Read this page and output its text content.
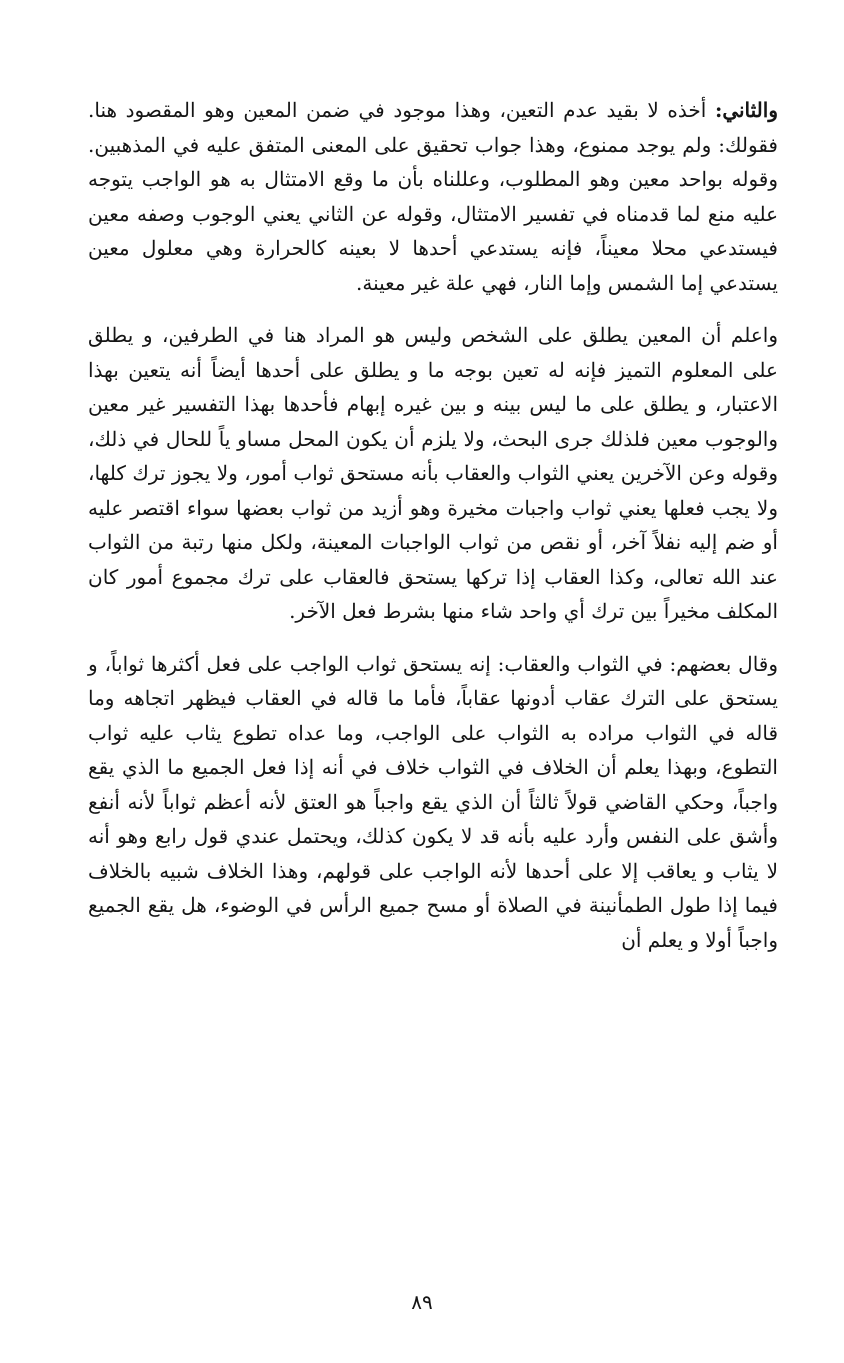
والثاني: أخذه لا بقيد عدم التعين، وهذا موجود في ضمن المعين وهو المقصود هنا. فقولك: ولم يوجد ممنوع، وهذا جواب تحقيق على المعنى المتفق عليه في المذهبين. وقوله بواحد معين وهو المطلوب، وعللناه بأن ما وقع الامتثال به هو الواجب يتوجه عليه منع لما قدمناه في تفسير الامتثال، وقوله عن الثاني يعني الوجوب وصفه معين فيستدعي محلا معيناً، فإنه يستدعي أحدها لا بعينه كالحرارة وهي معلول معين يستدعي إما الشمس وإما النار، فهي علة غير معينة.

واعلم أن المعين يطلق على الشخص وليس هو المراد هنا في الطرفين، و يطلق على المعلوم التميز فإنه له تعين بوجه ما و يطلق على أحدها أيضاً أنه يتعين بهذا الاعتبار، و يطلق على ما ليس بينه و بين غيره إبهام فأحدها بهذا التفسير غير معين والوجوب معين فلذلك جرى البحث، ولا يلزم أن يكون المحل مساو ياً للحال في ذلك، وقوله وعن الآخرين يعني الثواب والعقاب بأنه مستحق ثواب أمور، ولا يجوز ترك كلها، ولا يجب فعلها يعني ثواب واجبات مخيرة وهو أزيد من ثواب بعضها سواء اقتصر عليه أو ضم إليه نفلاً آخر، أو نقص من ثواب الواجبات المعينة، ولكل منها رتبة من الثواب عند الله تعالى، وكذا العقاب إذا تركها يستحق فالعقاب على ترك مجموع أمور كان المكلف مخيراً بين ترك أي واحد شاء منها بشرط فعل الآخر.

وقال بعضهم: في الثواب والعقاب: إنه يستحق ثواب الواجب على فعل أكثرها ثواباً، و يستحق على الترك عقاب أدونها عقاباً، فأما ما قاله في العقاب فيظهر اتجاهه وما قاله في الثواب مراده به الثواب على الواجب، وما عداه تطوع يثاب عليه ثواب التطوع، وبهذا يعلم أن الخلاف في الثواب خلاف في أنه إذا فعل الجميع ما الذي يقع واجباً، وحكي القاضي قولاً ثالثاً أن الذي يقع واجباً هو العتق لأنه أعظم ثواباً لأنه أنفع وأشق على النفس وأرد عليه بأنه قد لا يكون كذلك، ويحتمل عندي قول رابع وهو أنه لا يثاب و يعاقب إلا على أحدها لأنه الواجب على قولهم، وهذا الخلاف شبيه بالخلاف فيما إذا طول الطمأنينة في الصلاة أو مسح جميع الرأس في الوضوء، هل يقع الجميع واجباً أولا و يعلم أن

٨٩
